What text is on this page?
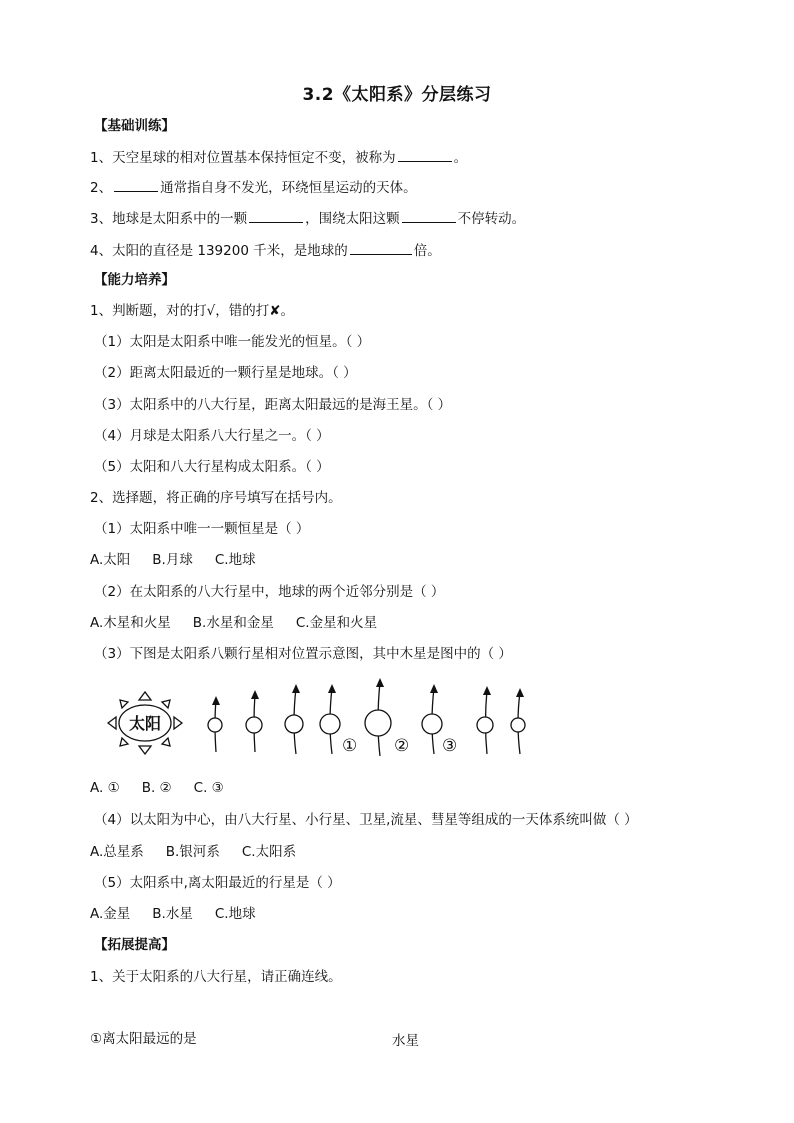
3.2《太阳系》分层练习
【基础训练】
1、天空星球的相对位置基本保持恒定不变，被称为	。
2、	通常指自身不发光，环绕恒星运动的天体。
3、地球是太阳系中的一颗	，围绕太阳这颗	不停转动。
4、太阳的直径是 139200 千米，是地球的	倍。
【能力培养】
1、判断题，对的打√，错的打✘。
（1）太阳是太阳系中唯一能发光的恒星。（ ）
（2）距离太阳最近的一颗行星是地球。（ ）
（3）太阳系中的八大行星，距离太阳最远的是海王星。（ ）
（4）月球是太阳系八大行星之一。（ ）
（5）太阳和八大行星构成太阳系。（ ）
2、选择题，将正确的序号填写在括号内。
（1）太阳系中唯一一颗恒星是（ ）
A.太阳 B.月球 C.地球
（2）在太阳系的八大行星中，地球的两个近邻分别是（ ）
A.木星和火星 B.水星和金星 C.金星和火星
（3）下图是太阳系八颗行星相对位置示意图，其中木星是图中的（ ）
太阳
① ② ③
A. ① B. ② C. ③
（4）以太阳为中心，由八大行星、小行星、卫星,流星、彗星等组成的一天体系统叫做（ ）
A.总星系 B.银河系 C.太阳系
（5）太阳系中,离太阳最近的行星是（ ）
A.金星 B.水星 C.地球
【拓展提高】
1、关于太阳系的八大行星，请正确连线。
①离太阳最远的是	水星
